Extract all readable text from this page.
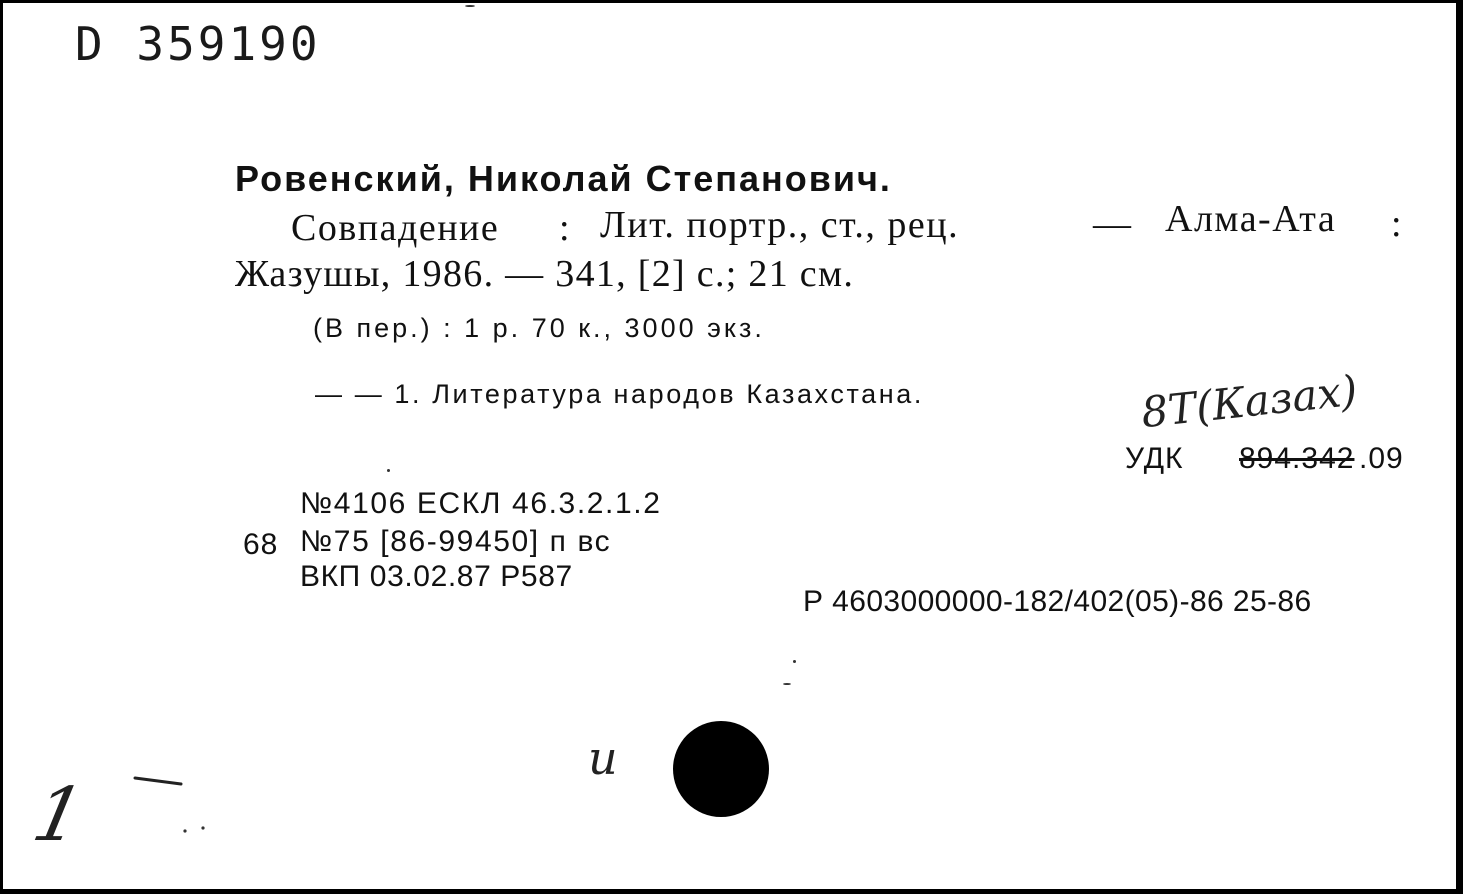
D 359190
Ровенский, Николай Степанович.
Совпадение : Лит. портр., ст., рец.	— Алма-Ата :
Жазушы, 1986. — 341, [2] с.; 21 см.
(В пер.) : 1 р. 70 к., 3000 экз.
— — 1. Литература народов Казахстана.	8Т(Казах)
УДК 894.342 .09
№4106 ЕСКЛ 46.3.2.1.2
68 №75 [86-99450] п вс
ВКП 03.02.87 Р587
Р 4603000000-182/402(05)-86 25-86
и
1
